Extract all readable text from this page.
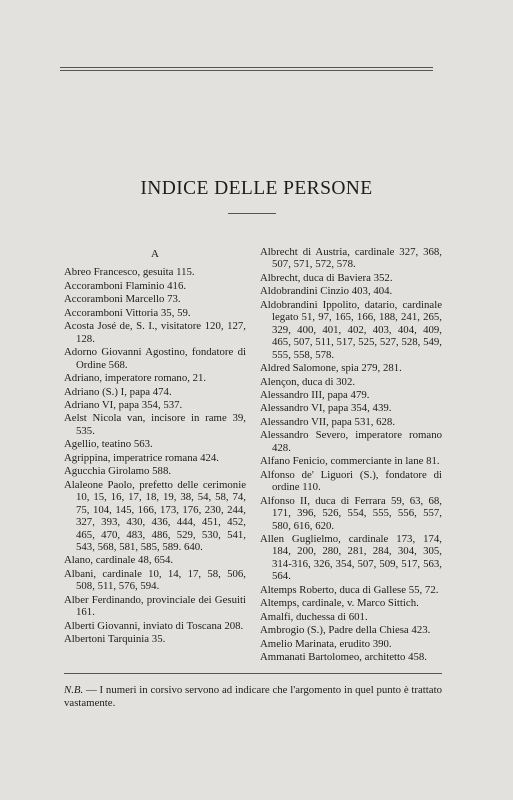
INDICE DELLE PERSONE
A
Abreo Francesco, gesuita 115.
Accoramboni Flaminio 416.
Accoramboni Marcello 73.
Accoramboni Vittoria 35, 59.
Acosta José de, S. I., visitatore 120, 127, 128.
Adorno Giovanni Agostino, fondatore di Ordine 568.
Adriano, imperatore romano, 21.
Adriano (S.) I, papa 474.
Adriano VI, papa 354, 537.
Aelst Nicola van, incisore in rame 39, 535.
Agellio, teatino 563.
Agrippina, imperatrice romana 424.
Agucchia Girolamo 588.
Alaleone Paolo, prefetto delle cerimonie 10, 15, 16, 17, 18, 19, 38, 54, 58, 74, 75, 104, 145, 166, 173, 176, 230, 244, 327, 393, 430, 436, 444, 451, 452, 465, 470, 483, 486, 529, 530, 541, 543, 568, 581, 585, 589. 640.
Alano, cardinale 48, 654.
Albani, cardinale 10, 14, 17, 58, 506, 508, 511, 576, 594.
Alber Ferdinando, provinciale dei Gesuiti 161.
Alberti Giovanni, inviato di Toscana 208.
Albertoni Tarquinia 35.
Albrecht di Austria, cardinale 327, 368, 507, 571, 572, 578.
Albrecht, duca di Baviera 352.
Aldobrandini Cinzio 403, 404.
Aldobrandini Ippolito, datario, cardinale legato 51, 97, 165, 166, 188, 241, 265, 329, 400, 401, 402, 403, 404, 409, 465, 507, 511, 517, 525, 527, 528, 549, 555, 558, 578.
Aldred Salomone, spia 279, 281.
Alençon, duca di 302.
Alessandro III, papa 479.
Alessandro VI, papa 354, 439.
Alessandro VII, papa 531, 628.
Alessandro Severo, imperatore romano 428.
Alfano Fenicio, commerciante in lane 81.
Alfonso de' Liguori (S.), fondatore di ordine 110.
Alfonso II, duca di Ferrara 59, 63, 68, 171, 396, 526, 554, 555, 556, 557, 580, 616, 620.
Allen Guglielmo, cardinale 173, 174, 184, 200, 280, 281, 284, 304, 305, 314-316, 326, 354, 507, 509, 517, 563, 564.
Altemps Roberto, duca di Gallese 55, 72.
Altemps, cardinale, v. Marco Sittich.
Amalfi, duchessa di 601.
Ambrogio (S.), Padre della Chiesa 423.
Amelio Marinata, erudito 390.
Ammanati Bartolomeo, architetto 458.
N.B. — I numeri in corsivo servono ad indicare che l'argomento in quel punto è trattato vastamente.
